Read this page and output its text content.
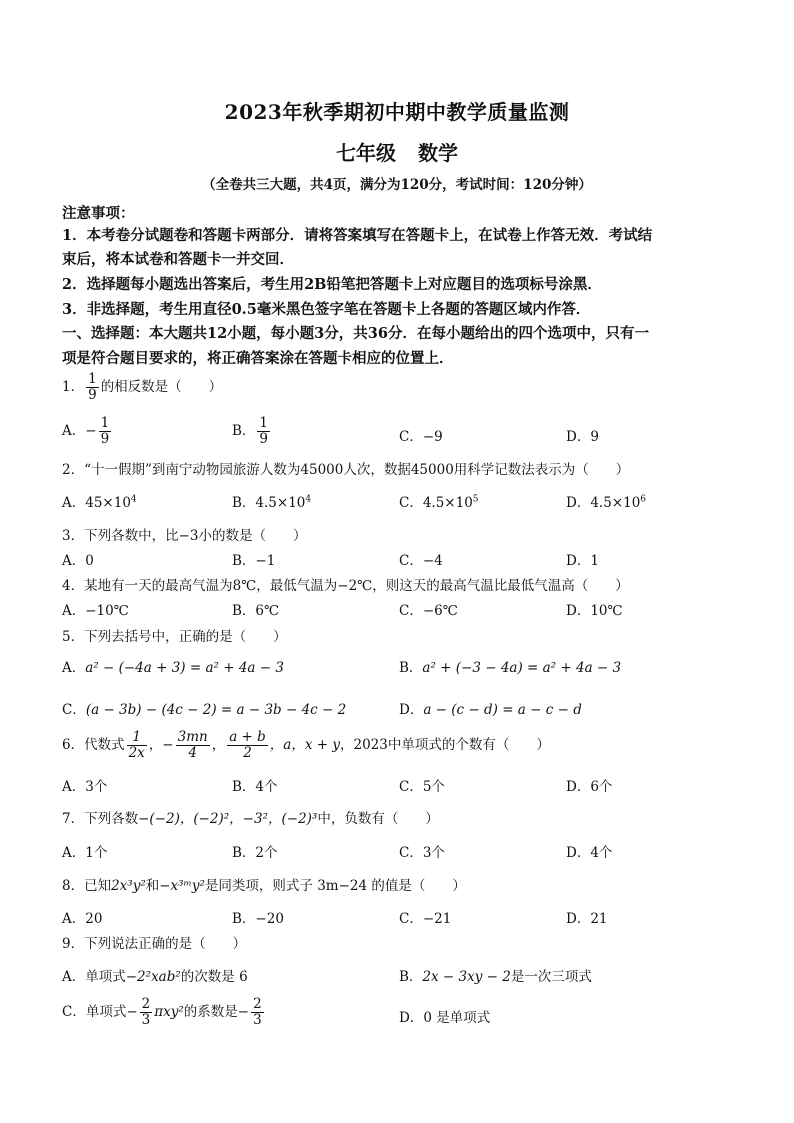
2023年秋季期初中期中教学质量监测
七年级 数学
（全卷共三大题，共4页，满分为120分，考试时间：120分钟）
注意事项：
1．本考卷分试题卷和答题卡两部分．请将答案填写在答题卡上，在试卷上作答无效．考试结
束后，将本试卷和答题卡一并交回．
2．选择题每小题选出答案后，考生用2B铅笔把答题卡上对应题目的选项标号涂黑．
3．非选择题，考生用直径0.5毫米黑色签字笔在答题卡上各题的答题区域内作答．
一、选择题：本大题共12小题，每小题3分，共36分．在每小题给出的四个选项中，只有一
项是符合题目要求的，将正确答案涂在答题卡相应的位置上．
1． $\frac{1}{9}$ 的相反数是（　　）
A．− $\frac{1}{9}$	B． $\frac{1}{9}$	C．−9	D．9
2．“十一假期”到南宁动物园旅游人数为45000人次，数据45000用科学记数法表示为（　　）
A．$45\times 10^4$	B．$4.5\times 10^4$	C．$4.5\times 10^5$	D．$4.5\times 10^6$
3．下列各数中，比−3小的数是（　　）
A．0	B．−1	C．−4	D．1
4．某地有一天的最高气温为8℃，最低气温为−2℃，则这天的最高气温比最低气温高（　　）
A．−10℃	B．6℃	C．−6℃	D．10℃
5．下列去括号中，正确的是（　　）
A．a² − (−4a + 3) = a² + 4a − 3	B．a² + (−3 − 4a) = a² + 4a − 3
C．(a − 3b) − (4c − 2) = a − 3b − 4c − 2	D．a − (c − d) = a − c − d
6．代数式 $\frac{1}{2x}$ ，− $\frac{3mn}{4}$ ， $\frac{a + b}{2}$ ，a，x + y，2023中单项式的个数有（　　）
A．3个	B．4个	C．5个	D．6个
7．下列各数−(−2)，(−2)²，−3²，(−2)³中，负数有（　　）
A．1个	B．2个	C．3个	D．4个
8．已知2x³y²和−x³ᵐy²是同类项，则式子 3m−24 的值是（　　）
A．20	B．−20	C．−21	D．21
9．下列说法正确的是（　　）
A．单项式−2²xab²的次数是 6	B．2x − 3xy − 2是一次三项式
C．单项式− $\frac{2}{3} \pi xy^2$的系数是− $\frac{2}{3}$	D．0 是单项式
